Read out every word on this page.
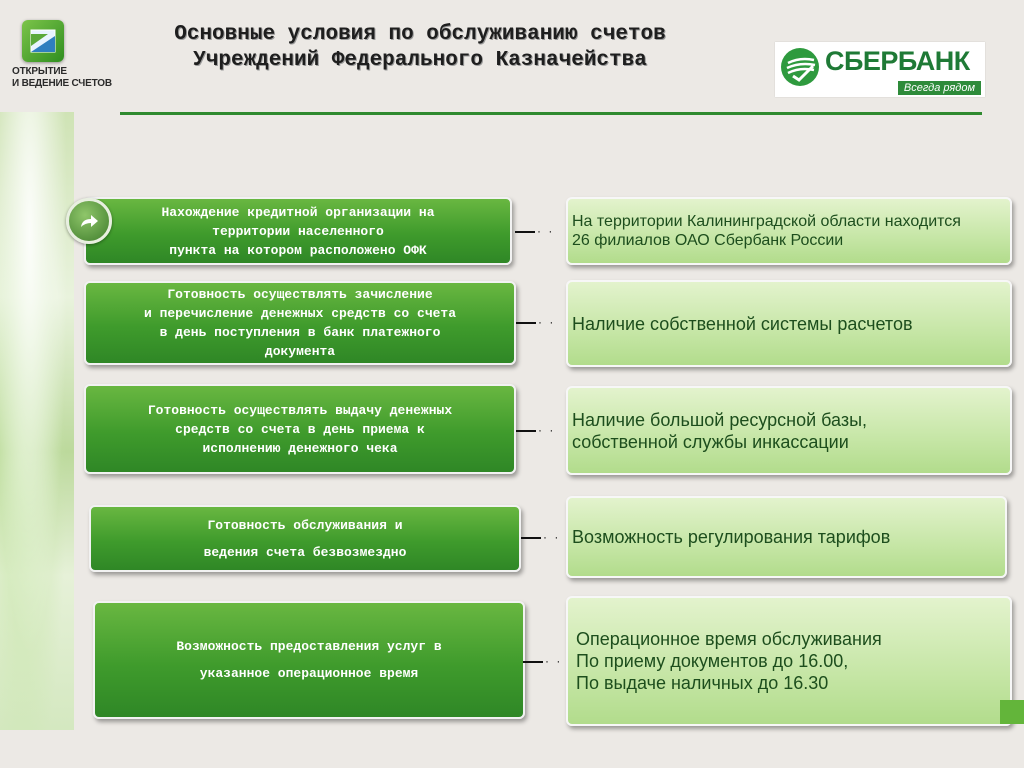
ОТКРЫТИЕ
И ВЕДЕНИЕ СЧЕТОВ
Основные условия по обслуживанию счетов
Учреждений Федерального Казначейства	СБЕРБАНК
Всегда рядом
Нахождение кредитной организации на
территории населенного
пункта на котором расположено ОФК
· ·
На территории Калининградской области находится
26 филиалов ОАО Сбербанк России
Готовность осуществлять зачисление
и перечисление денежных средств со счета
в день поступления в банк платежного
документа
· · Наличие собственной системы расчетов
Готовность осуществлять выдачу денежных
средств со счета в день приема к
исполнению денежного чека
· ·
Наличие большой ресурсной базы,
собственной службы инкассации
Готовность обслуживания и
ведения счета безвозмездно
· · Возможность регулирования тарифов
Возможность предоставления услуг в
указанное операционное время
· ·
Операционное время обслуживания
По приему документов до 16.00,
По выдаче наличных до 16.30
